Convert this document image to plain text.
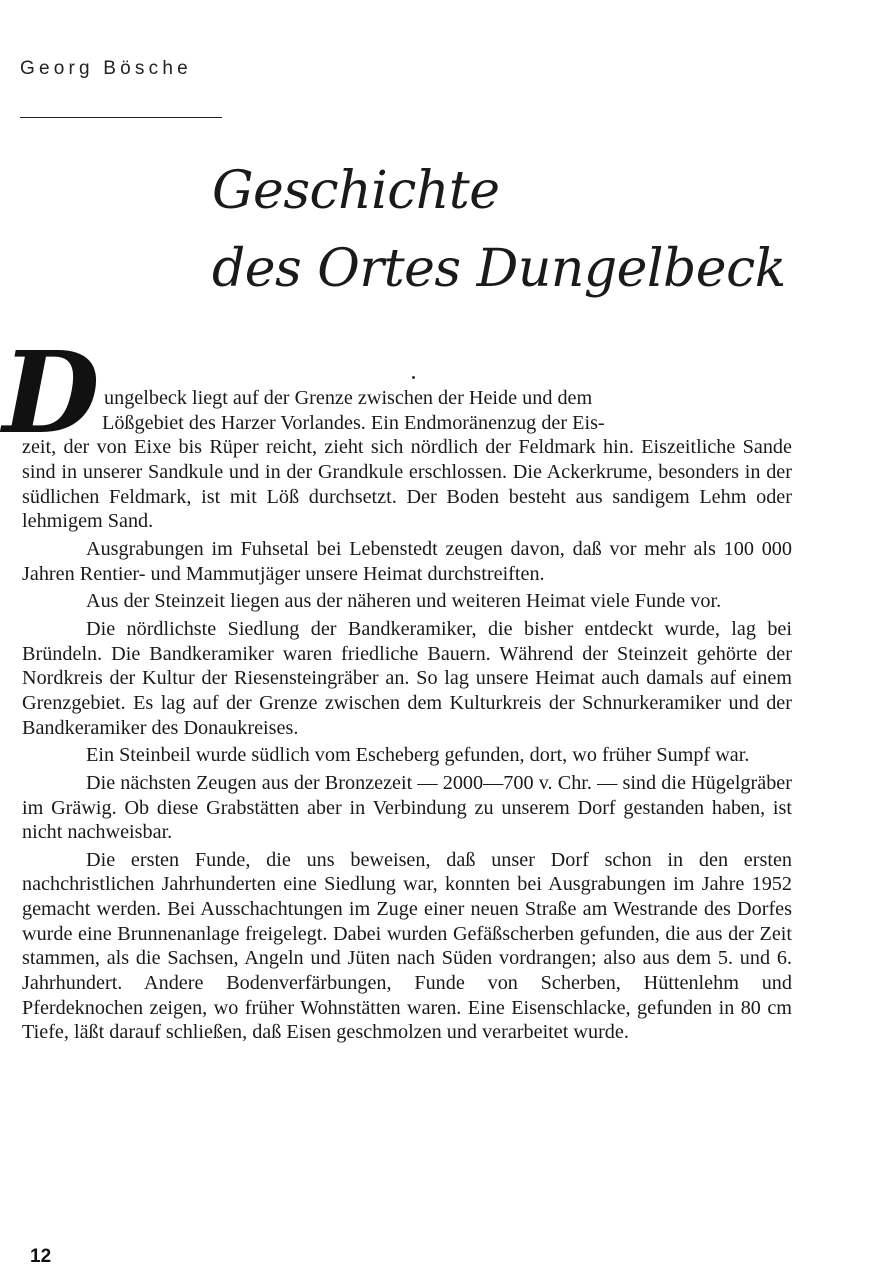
Georg Bösche
Geschichte
des Ortes Dungelbeck
D ungelbeck liegt auf der Grenze zwischen der Heide und dem
Lößgebiet des Harzer Vorlandes. Ein Endmoränenzug der Eis-
zeit, der von Eixe bis Rüper reicht, zieht sich nördlich der Feldmark hin. Eiszeitliche Sande sind in unserer Sandkule und in der Grandkule erschlossen. Die Ackerkrume, besonders in der südlichen Feldmark, ist mit Löß durchsetzt. Der Boden besteht aus sandigem Lehm oder lehmigem Sand.

Ausgrabungen im Fuhsetal bei Lebenstedt zeugen davon, daß vor mehr als 100 000 Jahren Rentier- und Mammutjäger unsere Heimat durchstreiften.

Aus der Steinzeit liegen aus der näheren und weiteren Heimat viele Funde vor.

Die nördlichste Siedlung der Bandkeramiker, die bisher entdeckt wurde, lag bei Bründeln. Die Bandkeramiker waren friedliche Bauern. Während der Steinzeit gehörte der Nordkreis der Kultur der Riesensteingräber an. So lag unsere Heimat auch damals auf einem Grenzgebiet. Es lag auf der Grenze zwischen dem Kulturkreis der Schnurkeramiker und der Bandkeramiker des Donaukreises.

Ein Steinbeil wurde südlich vom Escheberg gefunden, dort, wo früher Sumpf war.

Die nächsten Zeugen aus der Bronzezeit — 2000—700 v. Chr. — sind die Hügelgräber im Gräwig. Ob diese Grabstätten aber in Verbindung zu unserem Dorf gestanden haben, ist nicht nachweisbar.

Die ersten Funde, die uns beweisen, daß unser Dorf schon in den ersten nachchristlichen Jahrhunderten eine Siedlung war, konnten bei Ausgrabungen im Jahre 1952 gemacht werden. Bei Ausschachtungen im Zuge einer neuen Straße am Westrande des Dorfes wurde eine Brunnenanlage freigelegt. Dabei wurden Gefäßscherben gefunden, die aus der Zeit stammen, als die Sachsen, Angeln und Jüten nach Süden vordrangen; also aus dem 5. und 6. Jahrhundert. Andere Bodenverfärbungen, Funde von Scherben, Hüttenlehm und Pferdeknochen zeigen, wo früher Wohnstätten waren. Eine Eisenschlacke, gefunden in 80 cm Tiefe, läßt darauf schließen, daß Eisen geschmolzen und verarbeitet wurde.

12
